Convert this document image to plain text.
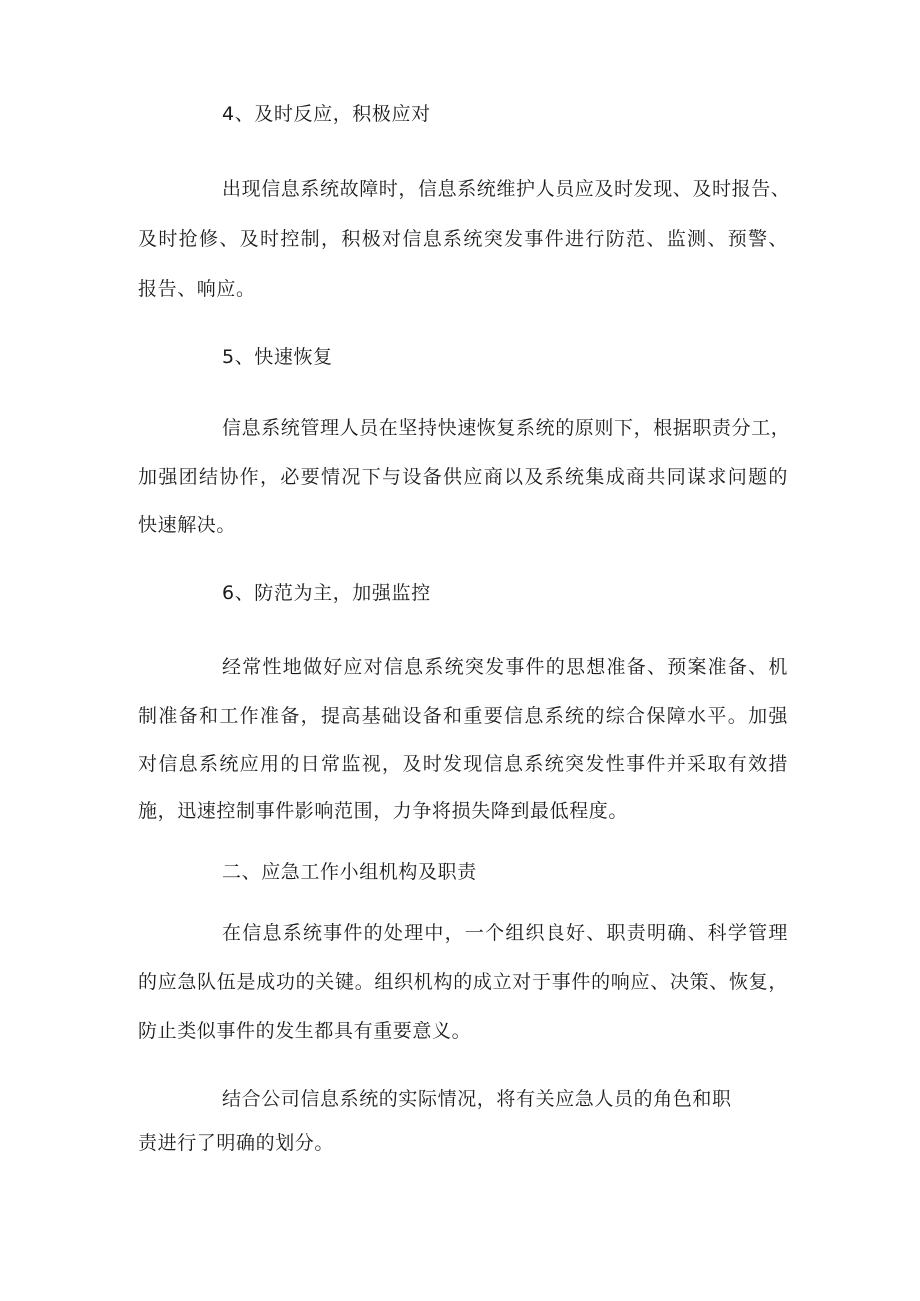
4、及时反应，积极应对
出现信息系统故障时，信息系统维护人员应及时发现、及时报告、
及时抢修、及时控制，积极对信息系统突发事件进行防范、监测、预警、
报告、响应。
5、快速恢复
信息系统管理人员在坚持快速恢复系统的原则下，根据职责分工，
加强团结协作，必要情况下与设备供应商以及系统集成商共同谋求问题的
快速解决。
6、防范为主，加强监控
经常性地做好应对信息系统突发事件的思想准备、预案准备、机
制准备和工作准备，提高基础设备和重要信息系统的综合保障水平。加强
对信息系统应用的日常监视，及时发现信息系统突发性事件并采取有效措
施，迅速控制事件影响范围，力争将损失降到最低程度。
二、应急工作小组机构及职责
在信息系统事件的处理中，一个组织良好、职责明确、科学管理
的应急队伍是成功的关键。组织机构的成立对于事件的响应、决策、恢复，
防止类似事件的发生都具有重要意义。
结合公司信息系统的实际情况，将有关应急人员的角色和职
责进行了明确的划分。
